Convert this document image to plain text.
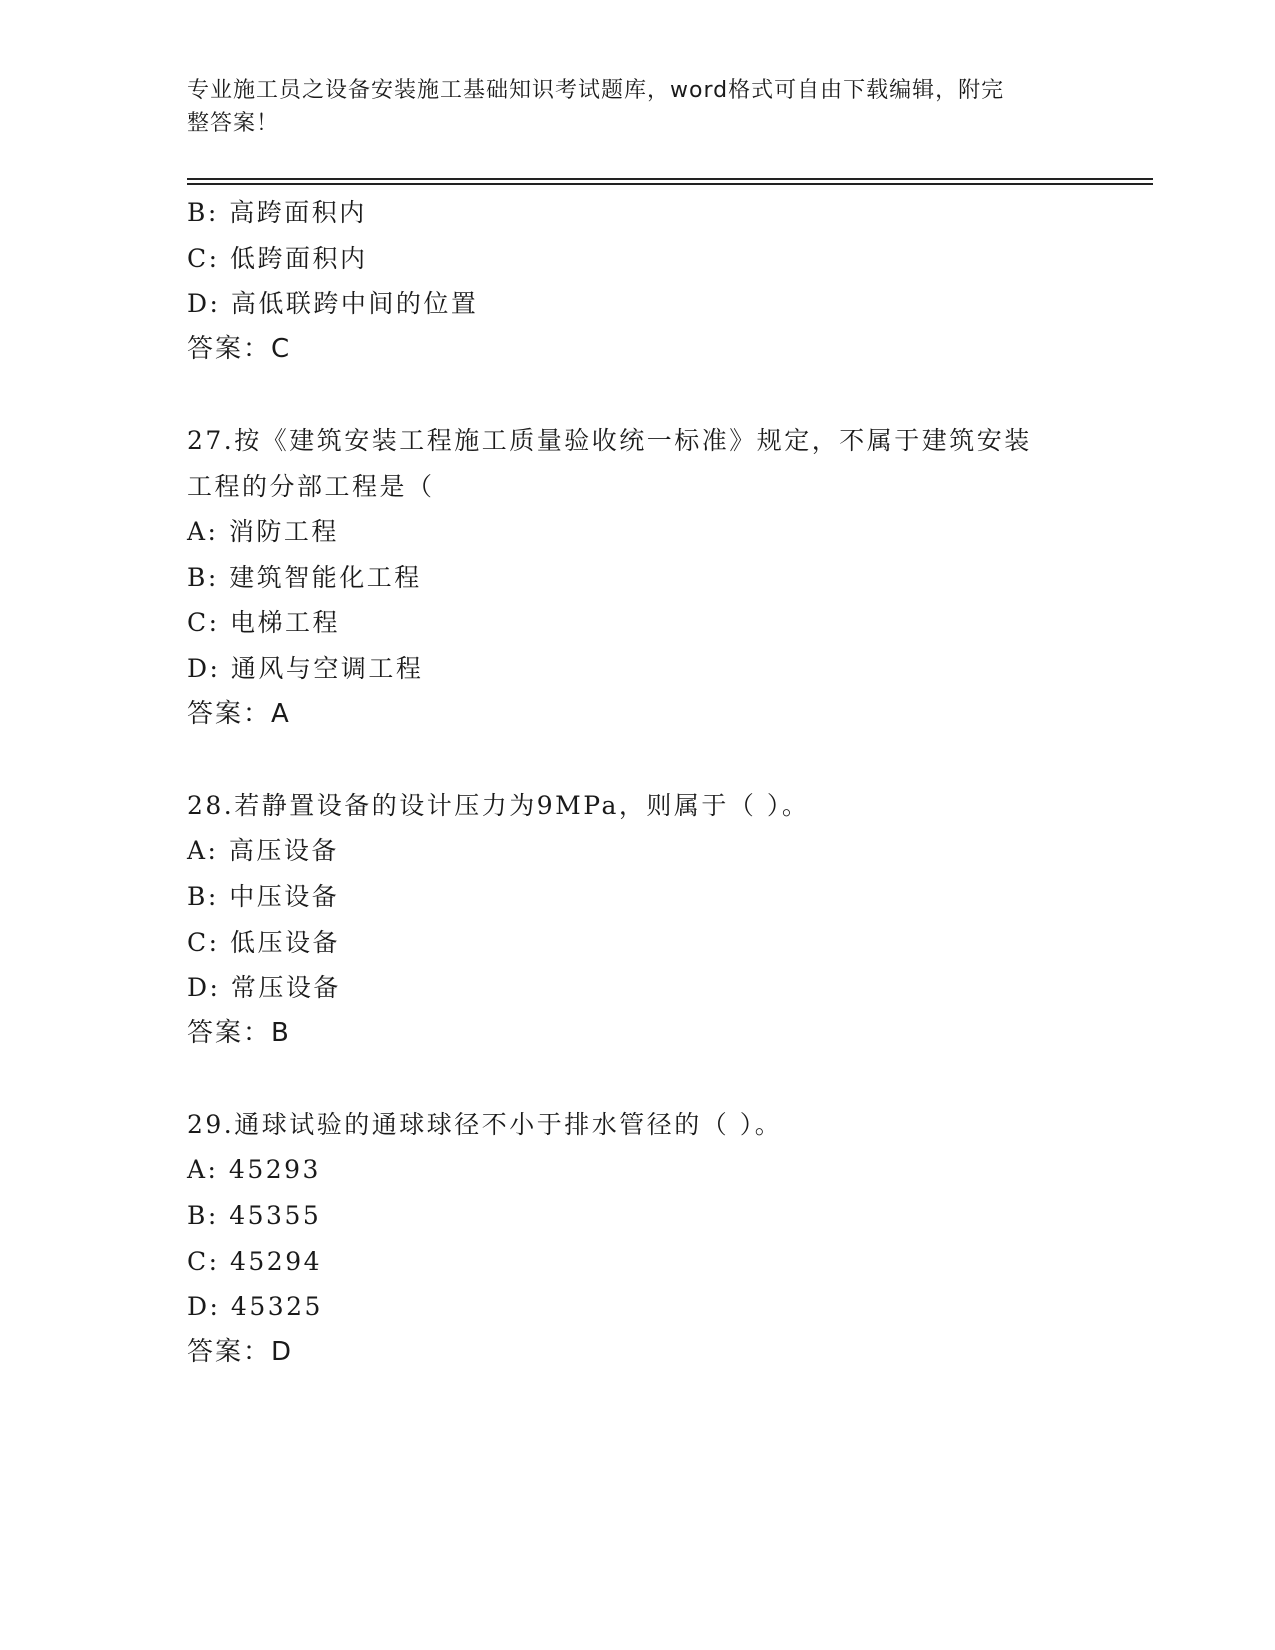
专业施工员之设备安装施工基础知识考试题库，word格式可自由下载编辑，附完
整答案！
B: 高跨面积内
C: 低跨面积内
D: 高低联跨中间的位置
答案：C
27.按《建筑安装工程施工质量验收统一标准》规定，不属于建筑安装
工程的分部工程是（
A: 消防工程
B: 建筑智能化工程
C: 电梯工程
D: 通风与空调工程
答案：A
28.若静置设备的设计压力为9MPa，则属于（ ）。
A: 高压设备
B: 中压设备
C: 低压设备
D: 常压设备
答案：B
29.通球试验的通球球径不小于排水管径的（ ）。
A: 45293
B: 45355
C: 45294
D: 45325
答案：D
